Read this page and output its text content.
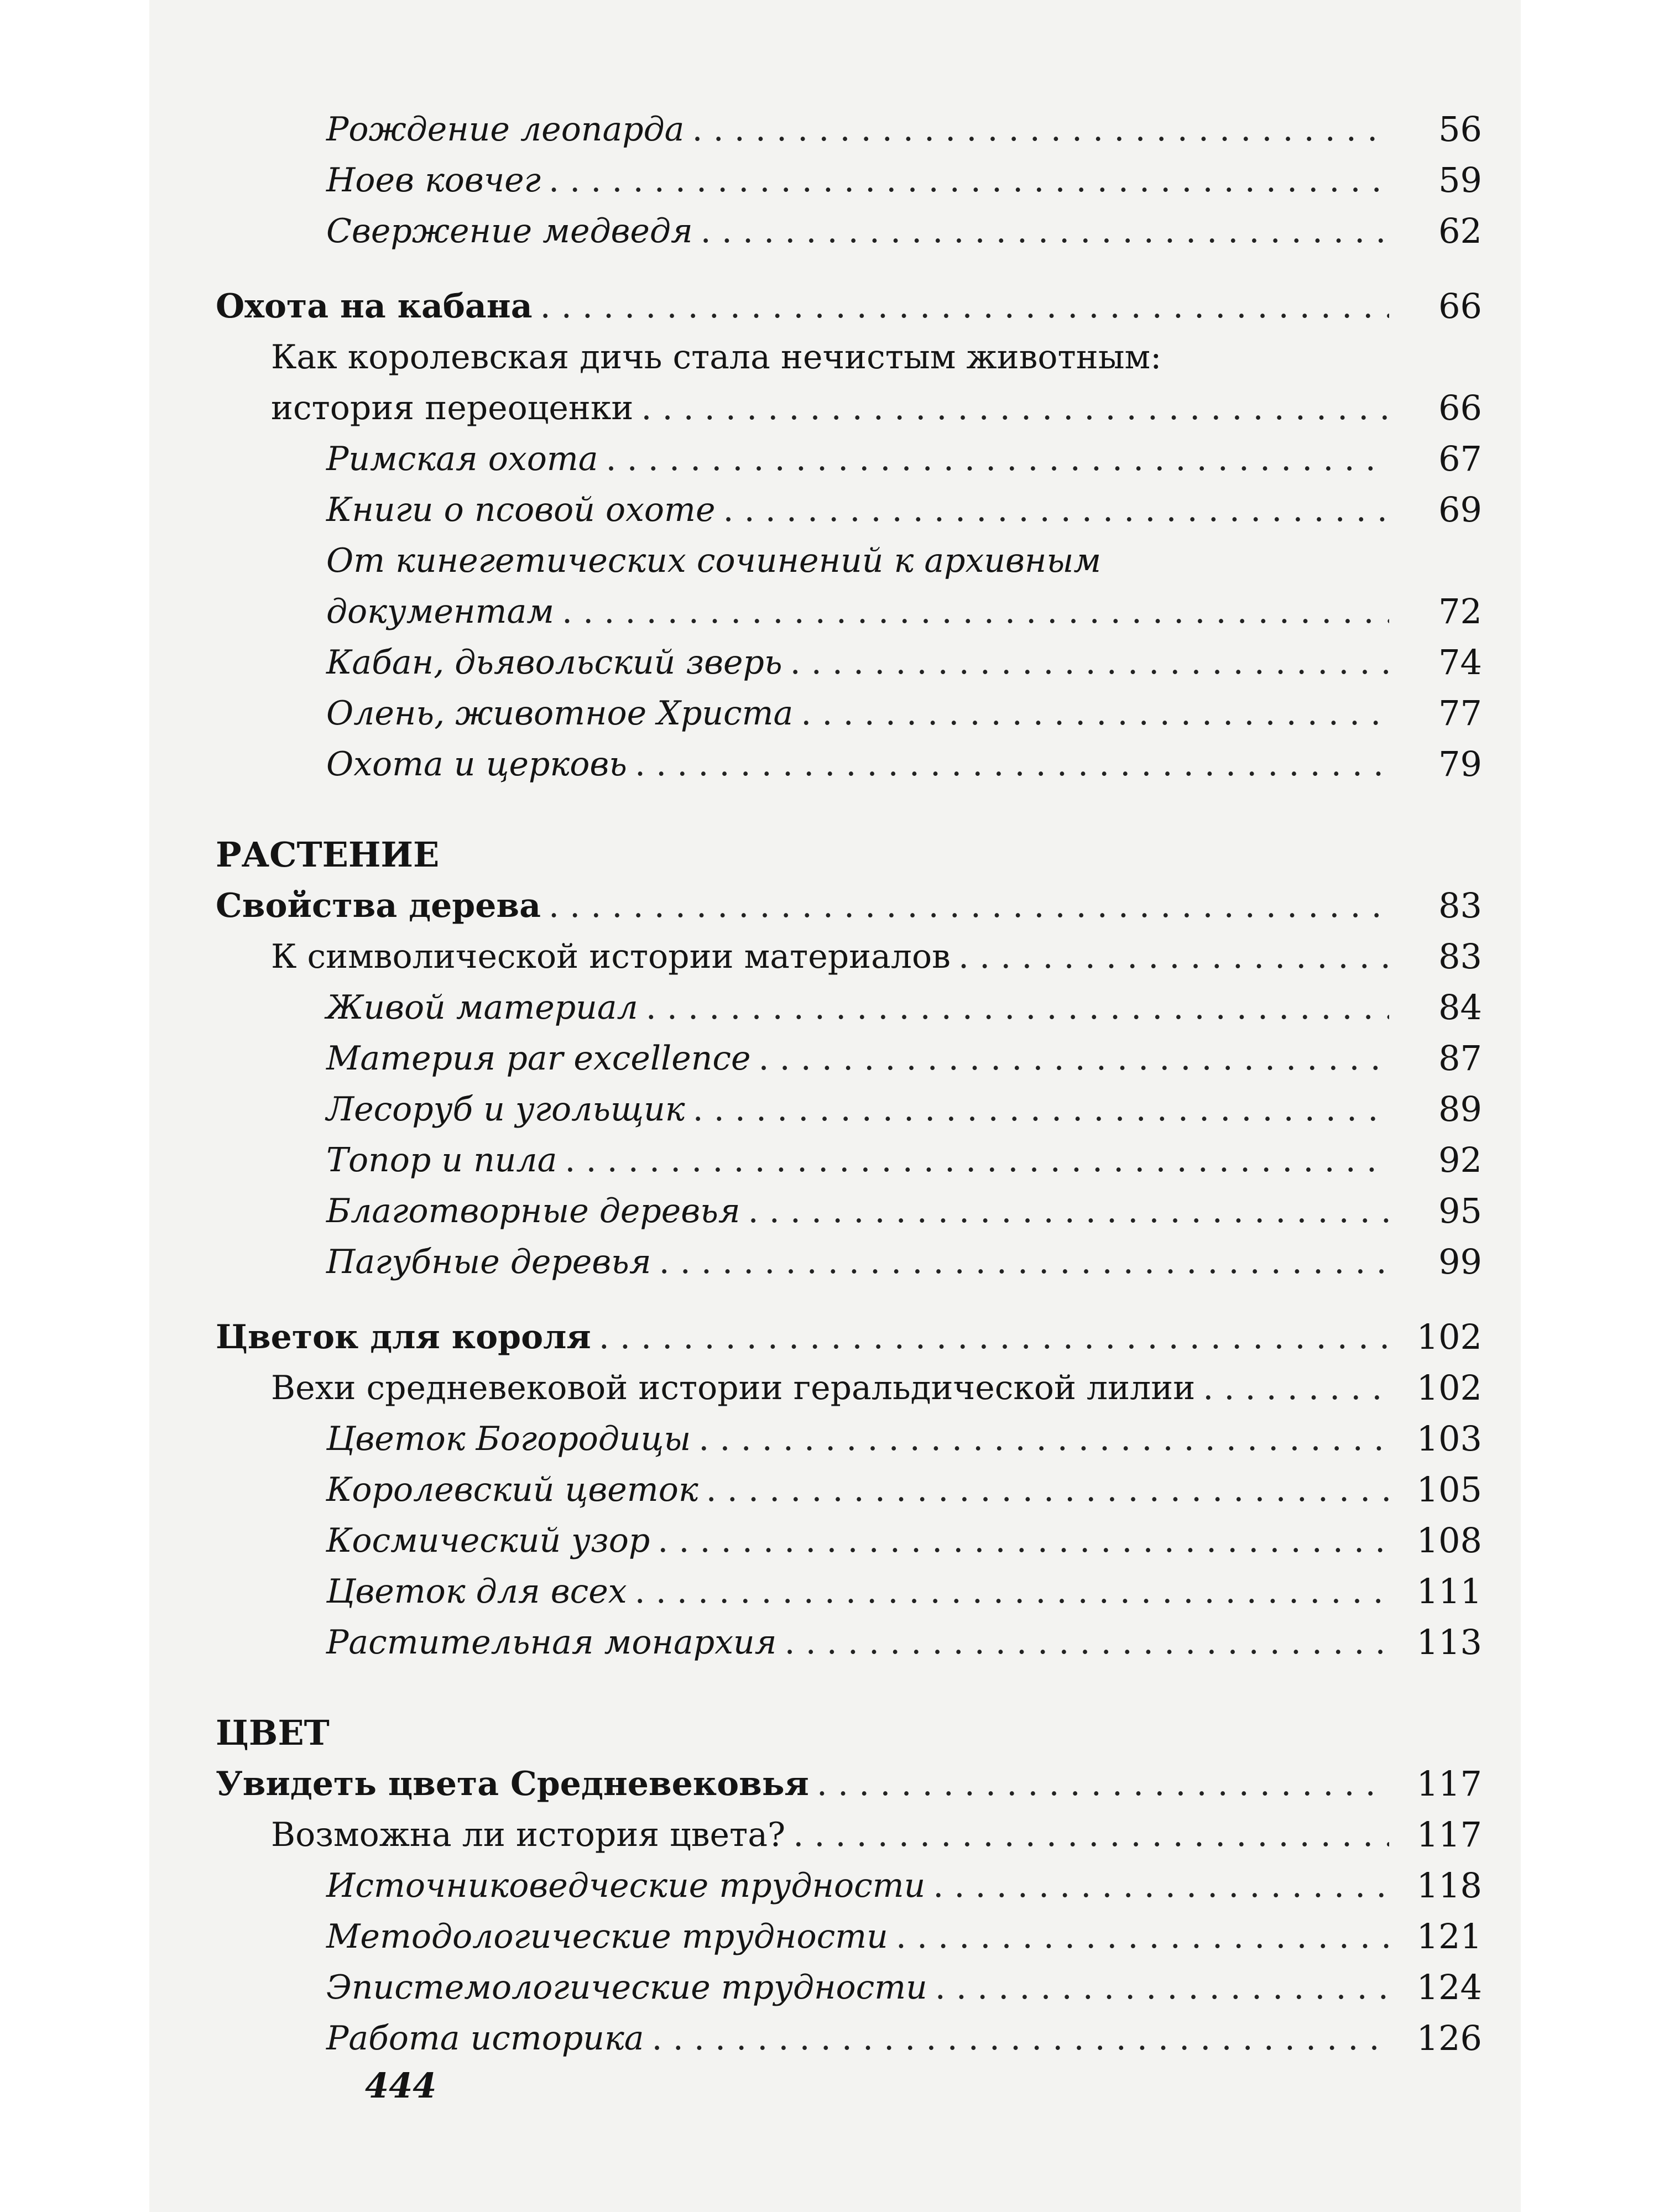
Рождение леопарда . . .	56
Ноев ковчег . . .	59
Свержение медведя . . .	62
Охота на кабана . . .	66
Как королевская дичь стала нечистым животным:
история переоценки . . .	66
Римская охота . . .	67
Книги о псовой охоте . . .	69
От кинегетических сочинений к архивным
документам . . .	72
Кабан, дьявольский зверь . . .	74
Олень, животное Христа . . .	77
Охота и церковь . . .	79
РАСТЕНИЕ
Свойства дерева . . .	83
К символической истории материалов . . .	83
Живой материал . . .	84
Материя par excellence . . .	87
Лесоруб и угольщик . . .	89
Топор и пила . . .	92
Благотворные деревья . . .	95
Пагубные деревья . . .	99
Цветок для короля . . .	102
Вехи средневековой истории геральдической лилии . . .	102
Цветок Богородицы . . .	103
Королевский цветок . . .	105
Космический узор . . .	108
Цветок для всех . . .	111
Растительная монархия . . .	113
ЦВЕТ
Увидеть цвета Средневековья . . .	117
Возможна ли история цвета? . . .	117
Источниковедческие трудности . . .	118
Методологические трудности . . .	121
Эпистемологические трудности . . .	124
Работа историка . . .	126
444
